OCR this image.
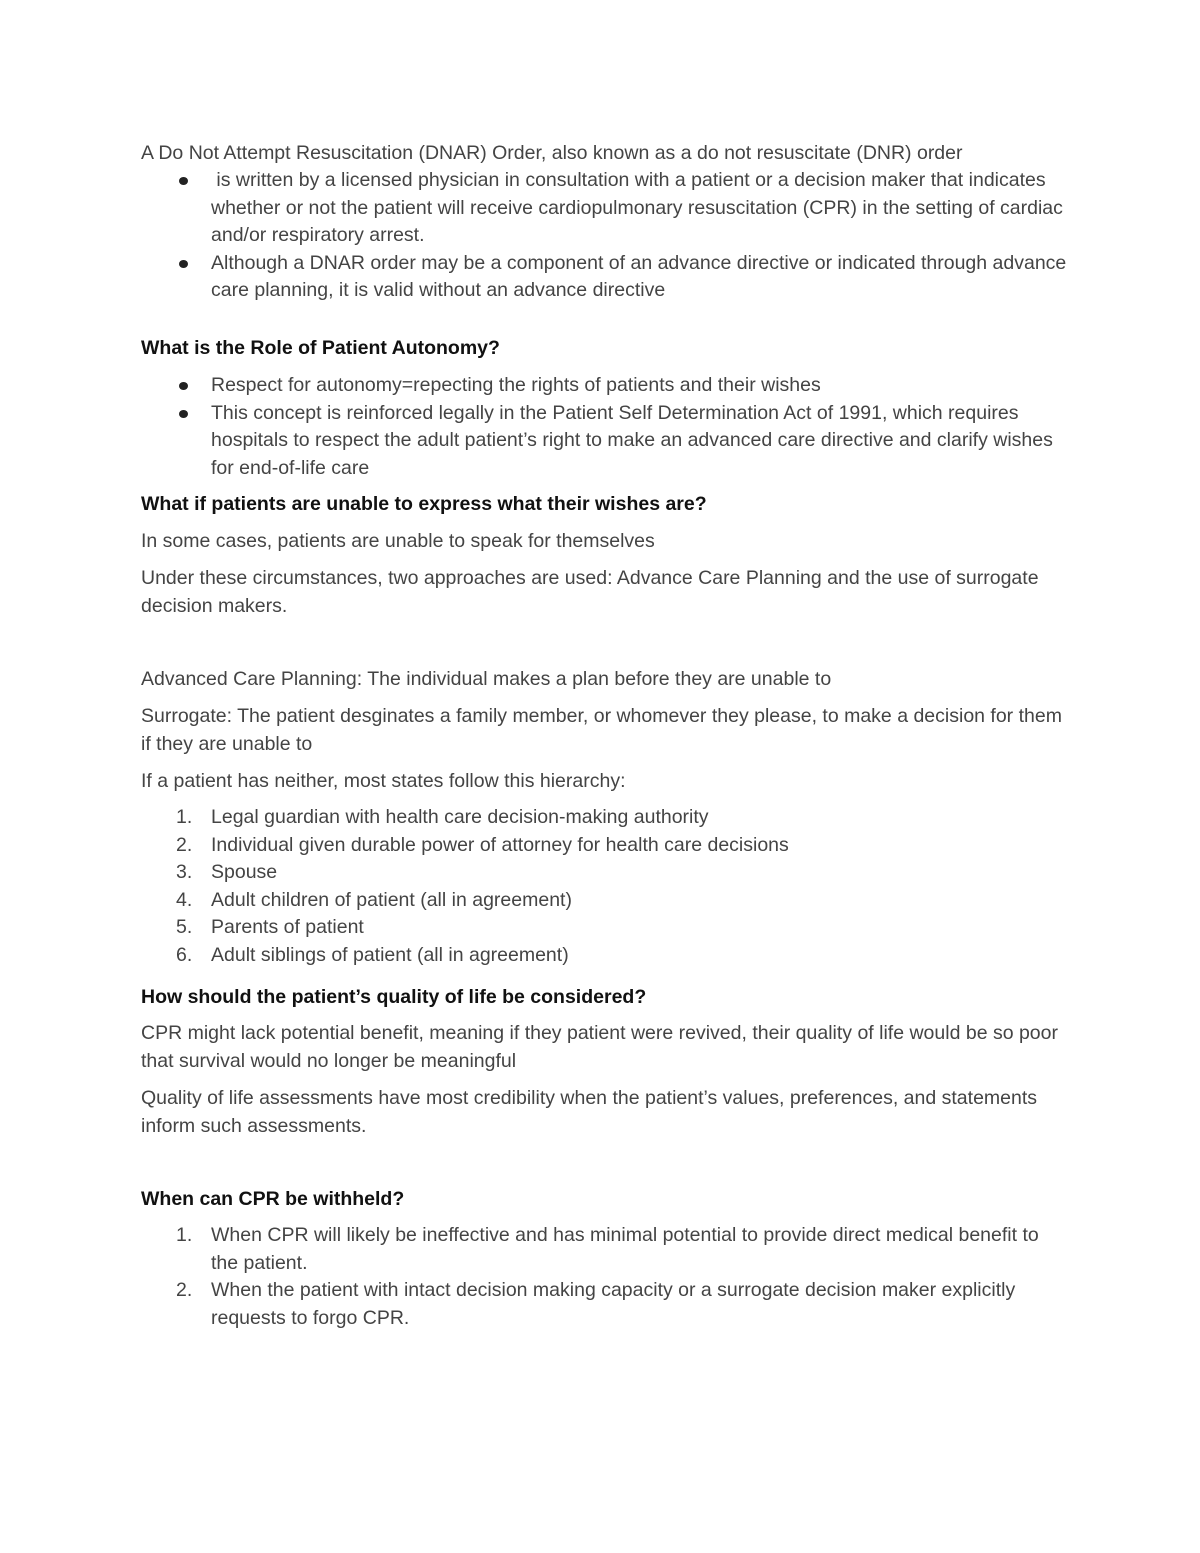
A Do Not Attempt Resuscitation (DNAR) Order, also known as a do not resuscitate (DNR) order

is written by a licensed physician in consultation with a patient or a decision maker that indicates whether or not the patient will receive cardiopulmonary resuscitation (CPR) in the setting of cardiac and/or respiratory arrest.
Although a DNAR order may be a component of an advance directive or indicated through advance care planning, it is valid without an advance directive
What is the Role of Patient Autonomy?
Respect for autonomy=repecting the rights of patients and their wishes
This concept is reinforced legally in the Patient Self Determination Act of 1991, which requires hospitals to respect the adult patient’s right to make an advanced care directive and clarify wishes for end-of-life care
What if patients are unable to express what their wishes are?

In some cases, patients are unable to speak for themselves

Under these circumstances, two approaches are used: Advance Care Planning and the use of surrogate decision makers.

Advanced Care Planning: The individual makes a plan before they are unable to

Surrogate: The patient desginates a family member, or whomever they please, to make a decision for them if they are unable to

If a patient has neither, most states follow this hierarchy:

1. Legal guardian with health care decision-making authority
2. Individual given durable power of attorney for health care decisions
3. Spouse
4. Adult children of patient (all in agreement)
5. Parents of patient
6. Adult siblings of patient (all in agreement)
How should the patient’s quality of life be considered?

CPR might lack potential benefit, meaning if they patient were revived, their quality of life would be so poor that survival would no longer be meaningful

Quality of life assessments have most credibility when the patient’s values, preferences, and statements inform such assessments.

When can CPR be withheld?
1. When CPR will likely be ineffective and has minimal potential to provide direct medical benefit to the patient.
2. When the patient with intact decision making capacity or a surrogate decision maker explicitly requests to forgo CPR.
